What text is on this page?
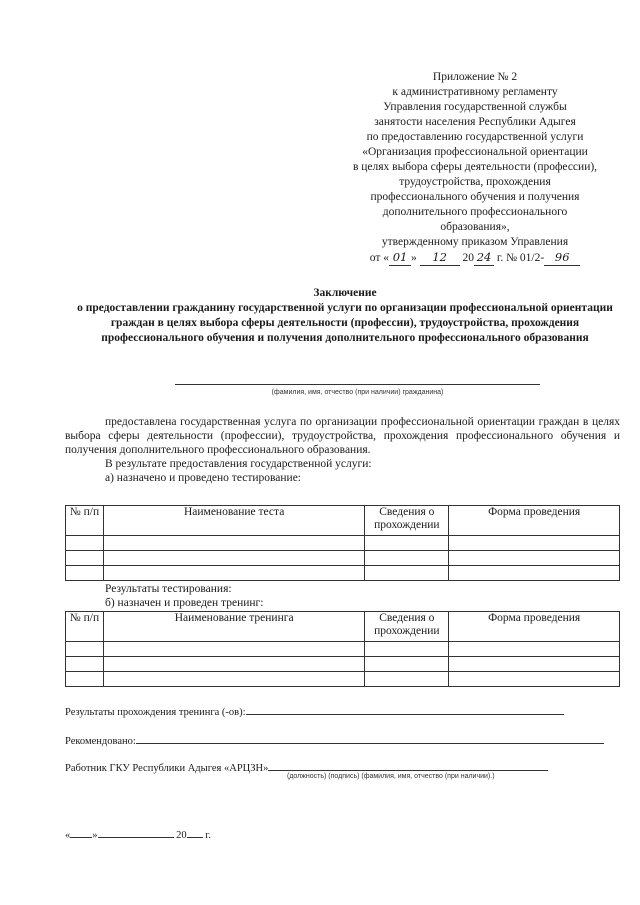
Приложение № 2
к административному регламенту
Управления государственной службы
занятости населения Республики Адыгея
по предоставлению государственной услуги
«Организация профессиональной ориентации
в целях выбора сферы деятельности (профессии),
трудоустройства, прохождения
профессионального обучения и получения
дополнительного профессионального
образования»,
утвержденному приказом Управления
от « 01 » 12 20 24 г. № 01/2- 96
Заключение
о предоставлении гражданину государственной услуги по организации профессиональной ориентации граждан в целях выбора сферы деятельности (профессии), трудоустройства, прохождения профессионального обучения и получения дополнительного профессионального образования
(фамилия, имя, отчество (при наличии) гражданина)

предоставлена государственная услуга по организации профессиональной ориентации граждан в целях выбора сферы деятельности (профессии), трудоустройства, прохождения профессионального обучения и получения дополнительного профессионального образования.

В результате предоставления государственной услуги:

а) назначено и проведено тестирование:

№ п/п	Наименование теста	Сведения о прохождении	Форма проведения

Результаты тестирования:
б) назначен и проведен тренинг:
№ п/п	Наименование тренинга	Сведения о прохождении	Форма проведения

Результаты прохождения тренинга (-ов):
Рекомендовано:
Работник ГКУ Республики Адыгея «АРЦЗН»
(должность) (подпись) (фамилия, имя, отчество (при наличии).)
« »	20 г.
